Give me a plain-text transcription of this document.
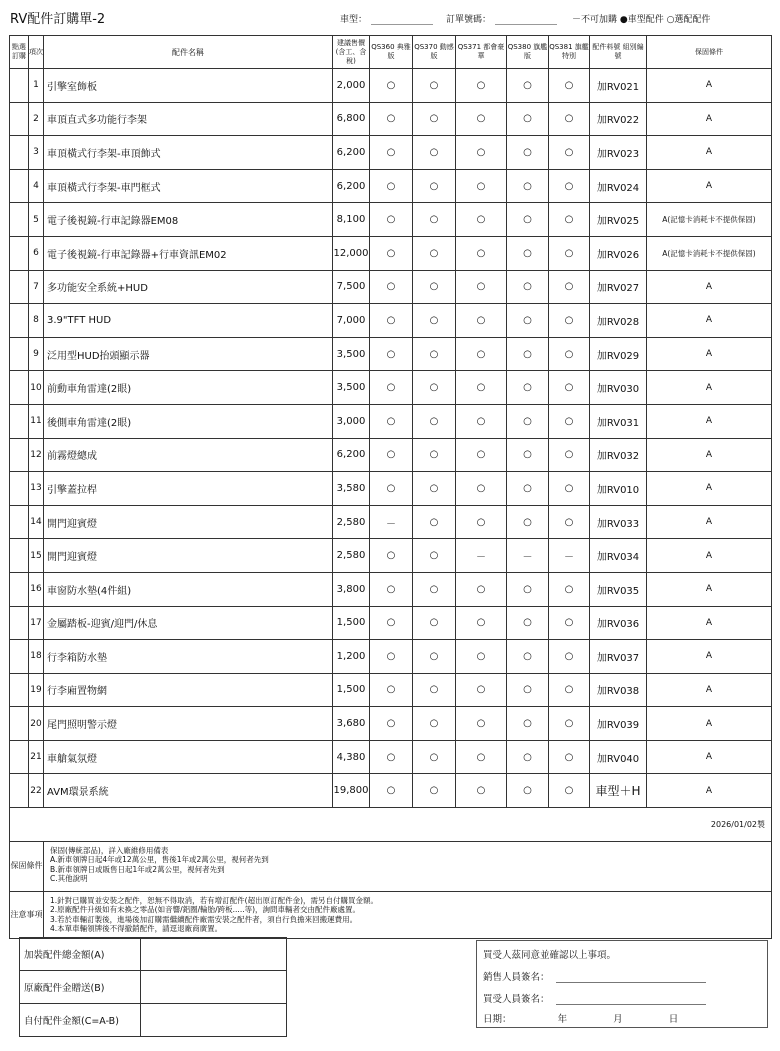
RV配件訂購單-2	車型：	訂單號碼：	－不可加購 ●車型配件 ○選配配件
點選訂購	項次	配件名稱	建議售價(含工、含稅)	QS360 典雅版	QS370 動感版	QS371 都會豪華	QS380 旗艦版	QS381 旗艦特別	配件料號 組別編號	保固條件
	1	引擎室飾板	2,000	○	○	○	○	○	加RV021	A
	2	車頂直式多功能行李架	6,800	○	○	○	○	○	加RV022	A
	3	車頂橫式行李架-車頂飾式	6,200	○	○	○	○	○	加RV023	A
	4	車頂橫式行李架-車門框式	6,200	○	○	○	○	○	加RV024	A
	5	電子後視鏡-行車記錄器EM08	8,100	○	○	○	○	○	加RV025	A(記憶卡消耗卡不提供保固)
	6	電子後視鏡-行車記錄器+行車資訊EM02	12,000	○	○	○	○	○	加RV026	A(記憶卡消耗卡不提供保固)
	7	多功能安全系統+HUD	7,500	○	○	○	○	○	加RV027	A
	8	3.9"TFT HUD	7,000	○	○	○	○	○	加RV028	A
	9	泛用型HUD抬頭顯示器	3,500	○	○	○	○	○	加RV029	A
	10	前動車角雷達(2眼)	3,500	○	○	○	○	○	加RV030	A
	11	後側車角雷達(2眼)	3,000	○	○	○	○	○	加RV031	A
	12	前霧燈總成	6,200	○	○	○	○	○	加RV032	A
	13	引擎蓋拉桿	3,580	○	○	○	○	○	加RV010	A
	14	開門迎賓燈	2,580	－	○	○	○	○	加RV033	A
	15	開門迎賓燈	2,580	○	○	－	－	－	加RV034	A
	16	車窗防水墊(4件組)	3,800	○	○	○	○	○	加RV035	A
	17	金屬踏板-迎賓/迎門/休息	1,500	○	○	○	○	○	加RV036	A
	18	行李箱防水墊	1,200	○	○	○	○	○	加RV037	A
	19	行李廂置物網	1,500	○	○	○	○	○	加RV038	A
	20	尾門照明警示燈	3,680	○	○	○	○	○	加RV039	A
	21	車艙氣氛燈	4,380	○	○	○	○	○	加RV040	A
	22	AVM環景系統	19,800	○	○	○	○	○	車型＋H	A
2026/01/02製										
保固條件		保固(傳統部品)，詳入廠維修用備表
A.新車領牌日起4年或12萬公里，售後1年或2萬公里，視何者先到
B.新車領牌日或販售日起1年或2萬公里，視何者先到
C.其他說明								

注意事項		1.針對已購買並安裝之配件，恕無不得取消，若有增訂配件(超出原訂配件金)，需另自付購買金額。
2.原廠配件升級如有未換之零品(如音響/鋁圈/輪胎/跨板.....等)，詢問車輛者交由配件廠處置。
3.若於車輛訂製後，進場後加訂購需繼續配件廠需安裝之配件者，須自行負擔來回搬運費用。
4.本單車輛領牌後不得撤銷配件，請逕退廠商廣置。								
加裝配件總金額(A)	
原廠配件金贈送(B)	
自付配件金額(C=A-B)	
買受人茲同意並確認以上事項。
銷售人員簽名：
買受人員簽名：
日期：	年	月	日
